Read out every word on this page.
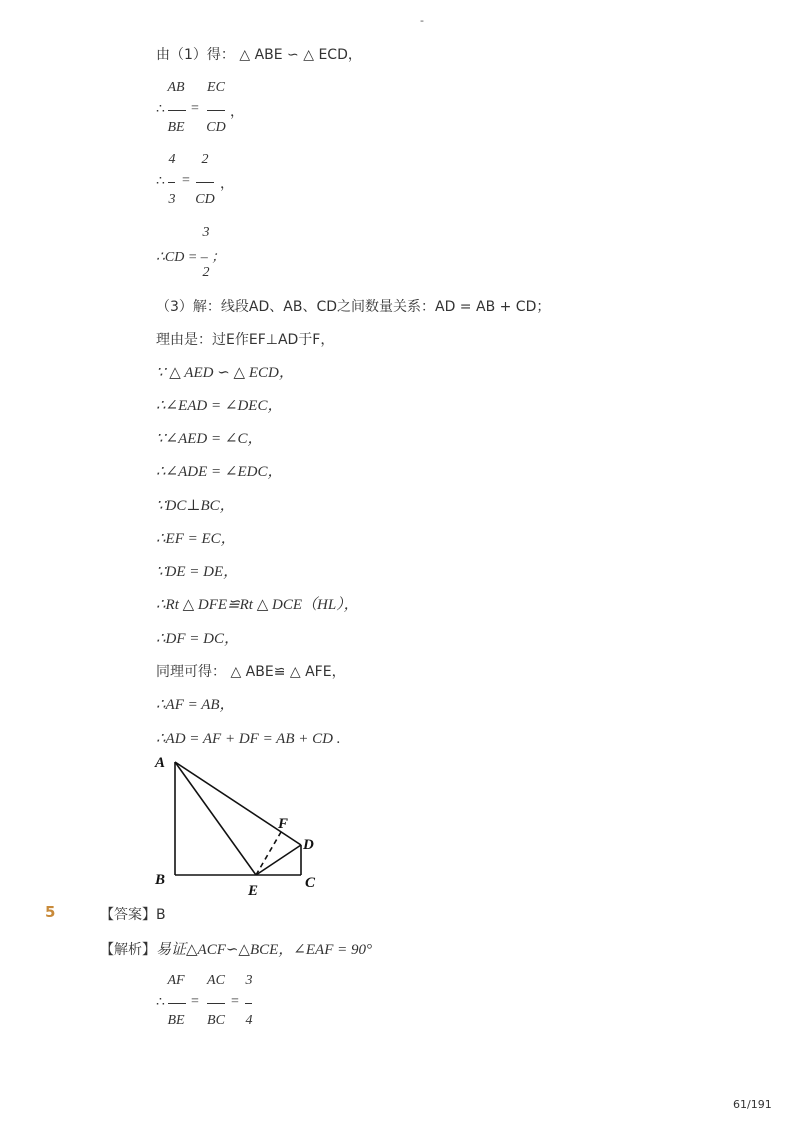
-
由（1）得： △ ABE ∽ △ ECD，
∴
AB
BE
=
EC
CD
，
∴
4
3
=
2
CD
，
3
∴CD = – ；
2
（3）解：线段AD、AB、CD之间数量关系：AD = AB + CD；
理由是：过E作EF⊥AD于F，
∵ △ AED ∽ △ ECD，
∴∠EAD = ∠DEC，
∵∠AED = ∠C，
∴∠ADE = ∠EDC，
∵DC⊥BC，
∴EF = EC，
∵DE = DE，
∴Rt △ DFE≌Rt △ DCE（HL），
∴DF = DC，
同理可得： △ ABE≌ △ AFE，
∴AF = AB，
∴AD = AF + DF = AB + CD .
A
B	C
D
E
F
5	【答案】B
【解析】易证△ACF∽△BCE，∠EAF = 90°
∴
AF
BE
=
AC
BC
=
3
4
61/191
